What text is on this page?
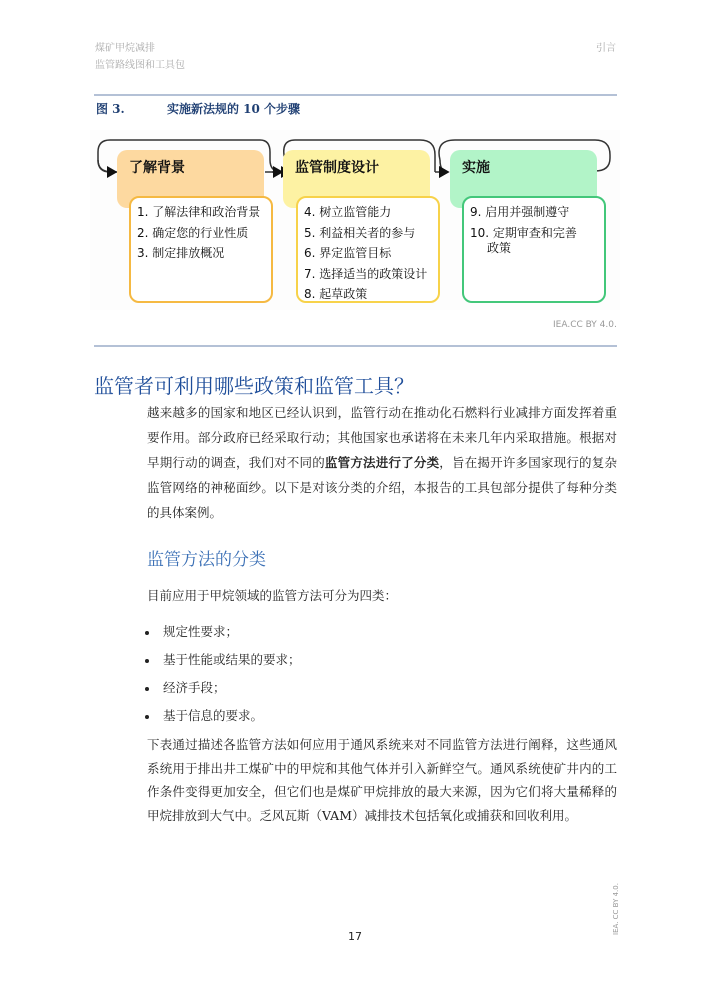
煤矿甲烷减排
监管路线图和工具包
引言
图 3.	实施新法规的 10 个步骤
了解背景
1. 了解法律和政治背景
2. 确定您的行业性质
3. 制定排放概况
监管制度设计
4. 树立监管能力
5. 利益相关者的参与
6. 界定监管目标
7. 选择适当的政策设计
8. 起草政策
实施
9. 启用并强制遵守
10. 定期审查和完善
政策
IEA.CC BY 4.0.
监管者可利用哪些政策和监管工具？
越来越多的国家和地区已经认识到，监管行动在推动化石燃料行业减排方面发挥着重要作用。部分政府已经采取行动；其他国家也承诺将在未来几年内采取措施。根据对早期行动的调查，我们对不同的监管方法进行了分类，旨在揭开许多国家现行的复杂监管网络的神秘面纱。以下是对该分类的介绍，本报告的工具包部分提供了每种分类的具体案例。
监管方法的分类
目前应用于甲烷领域的监管方法可分为四类：
规定性要求；
基于性能或结果的要求；
经济手段；
基于信息的要求。
下表通过描述各监管方法如何应用于通风系统来对不同监管方法进行阐释，这些通风系统用于排出井工煤矿中的甲烷和其他气体并引入新鲜空气。通风系统使矿井内的工作条件变得更加安全，但它们也是煤矿甲烷排放的最大来源，因为它们将大量稀释的甲烷排放到大气中。乏风瓦斯（VAM）减排技术包括氧化或捕获和回收利用。
17
IEA. CC BY 4.0.
